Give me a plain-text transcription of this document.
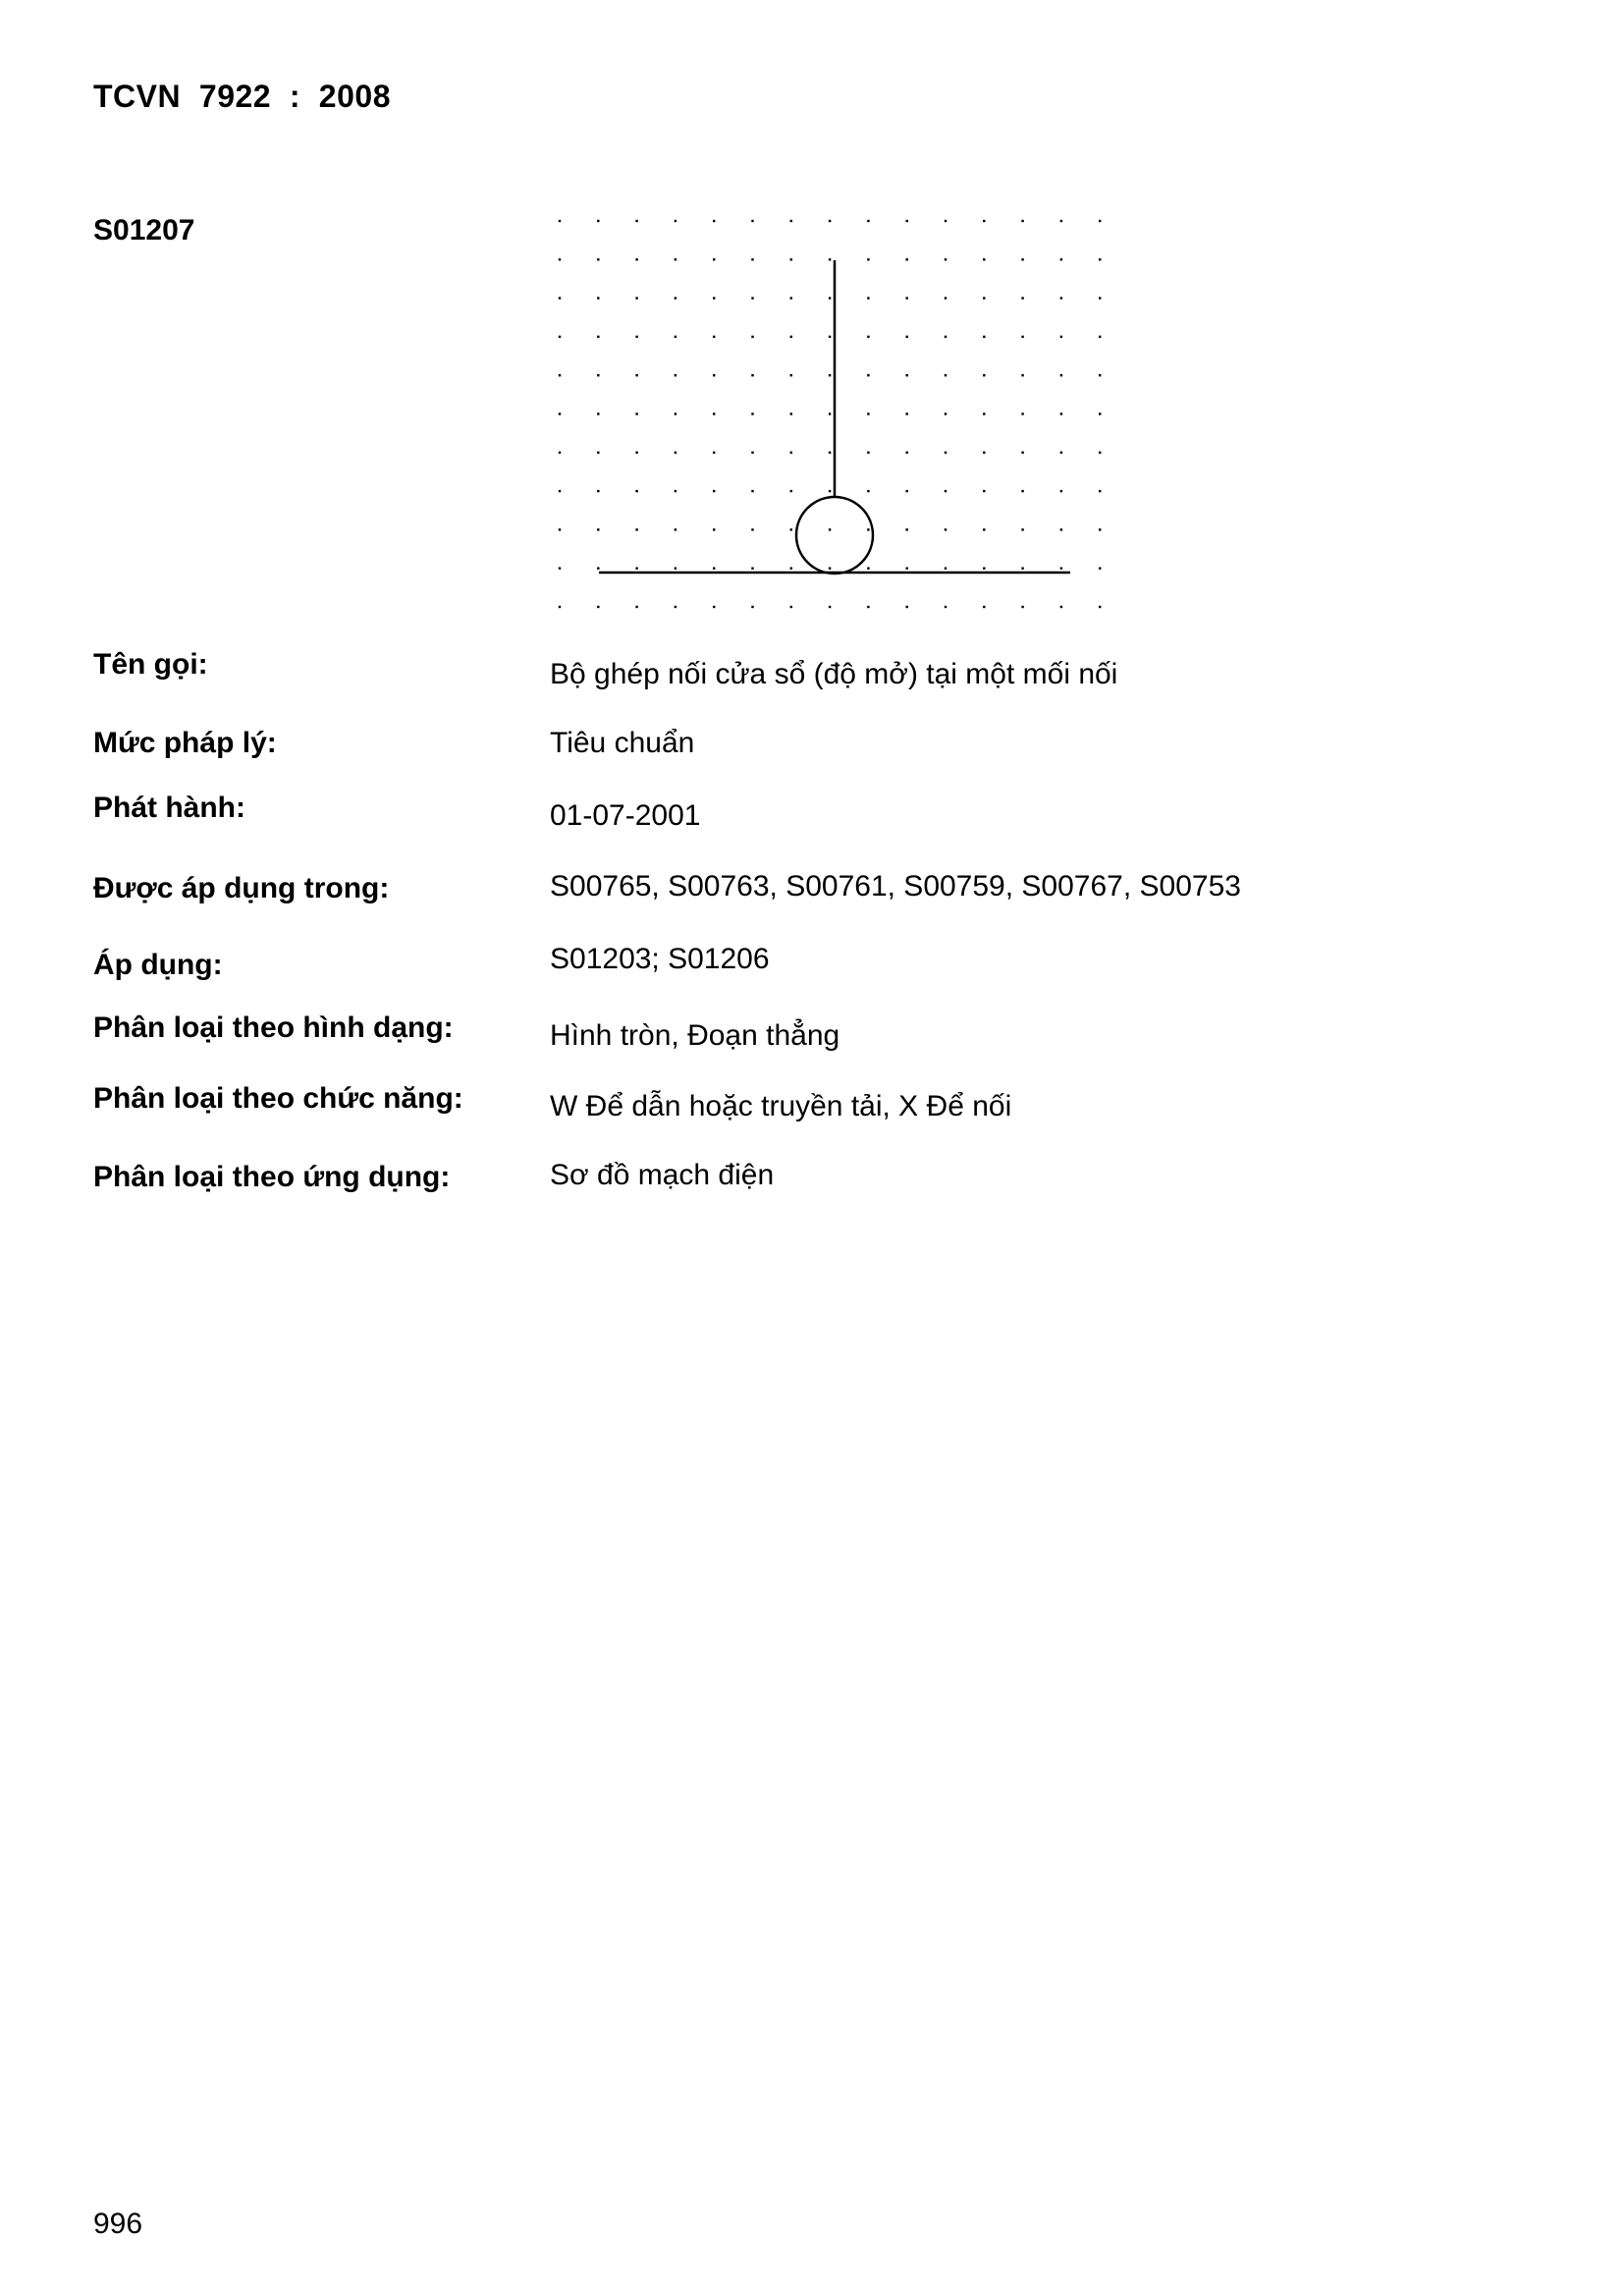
TCVN  7922  :  2008
S01207
Tên gọi:	Bộ ghép nối cửa sổ (độ mở) tại một mối nối
Mức pháp lý:	Tiêu chuẩn
Phát hành:	01-07-2001
Được áp dụng trong:	S00765, S00763, S00761, S00759, S00767, S00753
Áp dụng:	S01203; S01206
Phân loại theo hình dạng:	Hình tròn, Đoạn thẳng
Phân loại theo chức năng:	W Để dẫn hoặc truyền tải, X Để nối
Phân loại theo ứng dụng:	Sơ đồ mạch điện
996
